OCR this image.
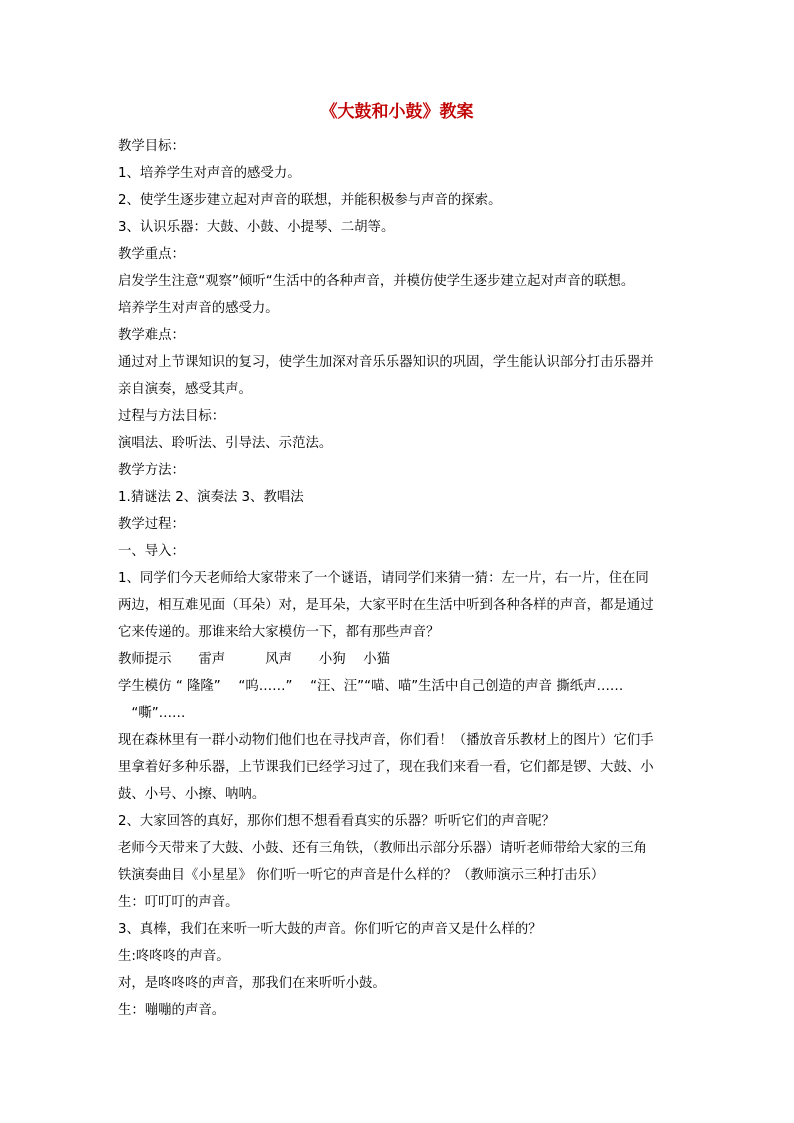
《大鼓和小鼓》教案
教学目标：
1、培养学生对声音的感受力。
2、使学生逐步建立起对声音的联想，并能积极参与声音的探索。
3、认识乐器：大鼓、小鼓、小提琴、二胡等。
教学重点：
启发学生注意“观察”倾听“生活中的各种声音，并模仿使学生逐步建立起对声音的联想。
培养学生对声音的感受力。
教学难点：
通过对上节课知识的复习，使学生加深对音乐乐器知识的巩固，学生能认识部分打击乐器并
亲自演奏，感受其声。
过程与方法目标：
演唱法、聆听法、引导法、示范法。
教学方法：
1.猜谜法 2、演奏法 3、教唱法
教学过程：
一、导入：
1、同学们今天老师给大家带来了一个谜语，请同学们来猜一猜：左一片，右一片，住在同
两边，相互难见面（耳朵）对，是耳朵，大家平时在生活中听到各种各样的声音，都是通过
它来传递的。那谁来给大家模仿一下，都有那些声音？
教师提示　　雷声　　　风声　　小狗　 小猫
学生模仿 “ 隆隆” 　“呜……” 　“汪、汪”“喵、喵”生活中自己创造的声音 撕纸声……
　“嘶”……
现在森林里有一群小动物们他们也在寻找声音，你们看！（播放音乐教材上的图片）它们手
里拿着好多种乐器，上节课我们已经学习过了，现在我们来看一看，它们都是锣、大鼓、小
鼓、小号、小擦、呐呐。
2、大家回答的真好，那你们想不想看看真实的乐器？听听它们的声音呢？
老师今天带来了大鼓、小鼓、还有三角铁，（教师出示部分乐器）请听老师带给大家的三角
铁演奏曲目《小星星》 你们听一听它的声音是什么样的？（教师演示三种打击乐）
生：叮叮叮的声音。
3、真棒，我们在来听一听大鼓的声音。你们听它的声音又是什么样的？
生:咚咚咚的声音。
对，是咚咚咚的声音，那我们在来听听小鼓。
生：嘣嘣的声音。
